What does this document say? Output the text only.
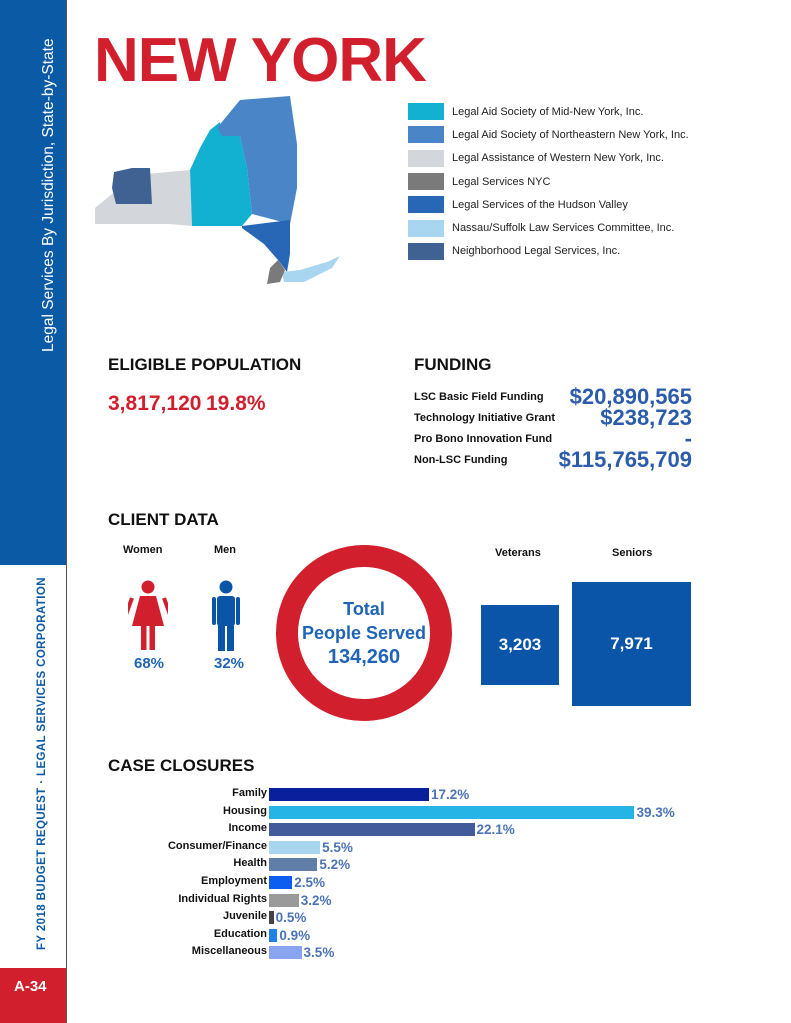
Legal Services By Jurisdiction, State-by-State
FY 2018 BUDGET REQUEST · LEGAL SERVICES CORPORATION
A-34
NEW YORK
Legal Aid Society of Mid-New York, Inc.
Legal Aid Society of Northeastern New York, Inc.
Legal Assistance of Western New York, Inc.
Legal Services NYC
Legal Services of the Hudson Valley
Nassau/Suffolk Law Services Committee, Inc.
Neighborhood Legal Services, Inc.
ELIGIBLE POPULATION
3,817,120 19.8%
FUNDING
LSC Basic Field Funding $20,890,565
Technology Initiative Grant $238,723
Pro Bono Innovation Fund	-
Non-LSC Funding $115,765,709
CLIENT DATA
Women	Men
68%	32%
Total
People Served
134,260
Veterans	Seniors
3,203	7,971
CASE CLOSURES
Family	17.2%
Housing	39.3%
Income	22.1%
Consumer/Finance	5.5%
Health	5.2%
Employment 2.5%
Individual Rights	3.2%
Juvenile 0.5%
Education 0.9%
Miscellaneous	3.5%
